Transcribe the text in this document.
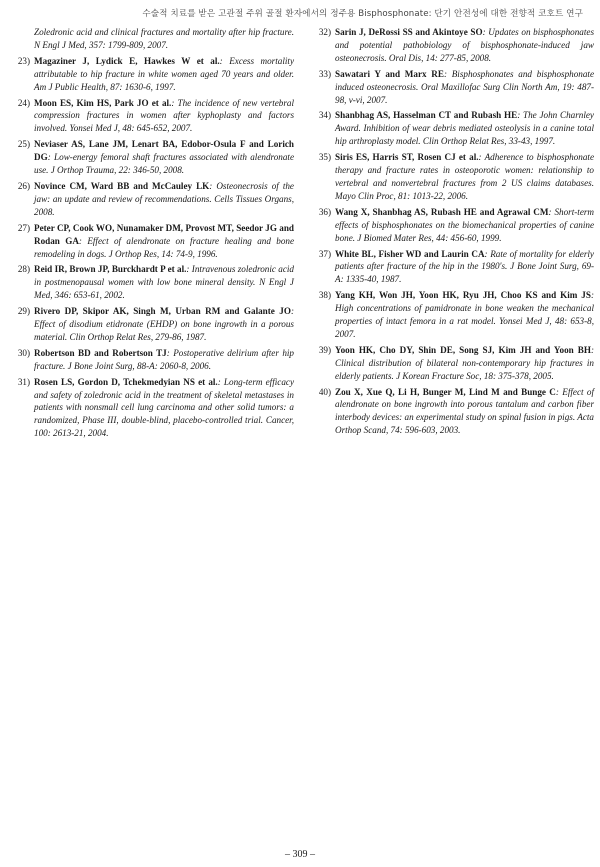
수술적 치료를 받은 고관절 주위 골절 환자에서의 정주용 Bisphosphonate: 단기 안전성에 대한 전향적 코호트 연구
Zoledronic acid and clinical fractures and mortality after hip fracture. N Engl J Med, 357: 1799-809, 2007.
23) Magaziner J, Lydick E, Hawkes W et al.: Excess mortality attributable to hip fracture in white women aged 70 years and older. Am J Public Health, 87: 1630-6, 1997.
24) Moon ES, Kim HS, Park JO et al.: The incidence of new vertebral compression fractures in women after kyphoplasty and factors involved. Yonsei Med J, 48: 645-652, 2007.
25) Neviaser AS, Lane JM, Lenart BA, Edobor-Osula F and Lorich DG: Low-energy femoral shaft fractures associated with alendronate use. J Orthop Trauma, 22: 346-50, 2008.
26) Novince CM, Ward BB and McCauley LK: Osteonecrosis of the jaw: an update and review of recommendations. Cells Tissues Organs, 2008.
27) Peter CP, Cook WO, Nunamaker DM, Provost MT, Seedor JG and Rodan GA: Effect of alendronate on fracture healing and bone remodeling in dogs. J Orthop Res, 14: 74-9, 1996.
28) Reid IR, Brown JP, Burckhardt P et al.: Intravenous zoledronic acid in postmenopausal women with low bone mineral density. N Engl J Med, 346: 653-61, 2002.
29) Rivero DP, Skipor AK, Singh M, Urban RM and Galante JO: Effect of disodium etidronate (EHDP) on bone ingrowth in a porous material. Clin Orthop Relat Res, 279-86, 1987.
30) Robertson BD and Robertson TJ: Postoperative delirium after hip fracture. J Bone Joint Surg, 88-A: 2060-8, 2006.
31) Rosen LS, Gordon D, Tchekmedyian NS et al.: Long-term efficacy and safety of zoledronic acid in the treatment of skeletal metastases in patients with nonsmall cell lung carcinoma and other solid tumors: a randomized, Phase III, double-blind, placebo-controlled trial. Cancer, 100: 2613-21, 2004.
32) Sarin J, DeRossi SS and Akintoye SO: Updates on bisphosphonates and potential pathobiology of bisphosphonate-induced jaw osteonecrosis. Oral Dis, 14: 277-85, 2008.
33) Sawatari Y and Marx RE: Bisphosphonates and bisphosphonate induced osteonecrosis. Oral Maxillofac Surg Clin North Am, 19: 487-98, v-vi, 2007.
34) Shanbhag AS, Hasselman CT and Rubash HE: The John Charnley Award. Inhibition of wear debris mediated osteolysis in a canine total hip arthroplasty model. Clin Orthop Relat Res, 33-43, 1997.
35) Siris ES, Harris ST, Rosen CJ et al.: Adherence to bisphosphonate therapy and fracture rates in osteoporotic women: relationship to vertebral and nonvertebral fractures from 2 US claims databases. Mayo Clin Proc, 81: 1013-22, 2006.
36) Wang X, Shanbhag AS, Rubash HE and Agrawal CM: Short-term effects of bisphosphonates on the biomechanical properties of canine bone. J Biomed Mater Res, 44: 456-60, 1999.
37) White BL, Fisher WD and Laurin CA: Rate of mortality for elderly patients after fracture of the hip in the 1980's. J Bone Joint Surg, 69-A: 1335-40, 1987.
38) Yang KH, Won JH, Yoon HK, Ryu JH, Choo KS and Kim JS: High concentrations of pamidronate in bone weaken the mechanical properties of intact femora in a rat model. Yonsei Med J, 48: 653-8, 2007.
39) Yoon HK, Cho DY, Shin DE, Song SJ, Kim JH and Yoon BH: Clinical distribution of bilateral non-contemporary hip fractures in elderly patients. J Korean Fracture Soc, 18: 375-378, 2005.
40) Zou X, Xue Q, Li H, Bunger M, Lind M and Bunge C: Effect of alendronate on bone ingrowth into porous tantalum and carbon fiber interbody devices: an experimental study on spinal fusion in pigs. Acta Orthop Scand, 74: 596-603, 2003.
– 309 –
